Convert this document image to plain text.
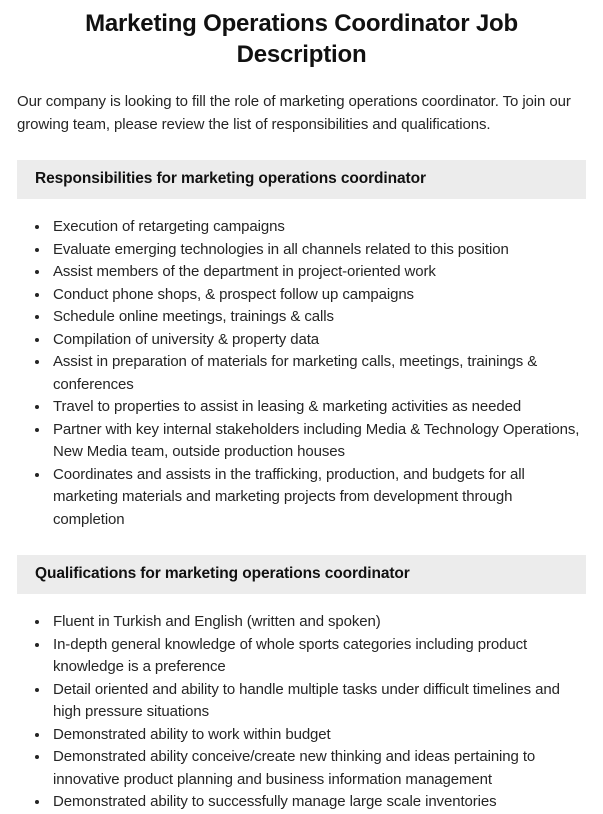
Marketing Operations Coordinator Job Description

Our company is looking to fill the role of marketing operations coordinator. To join our growing team, please review the list of responsibilities and qualifications.

Responsibilities for marketing operations coordinator
• Execution of retargeting campaigns
• Evaluate emerging technologies in all channels related to this position
• Assist members of the department in project-oriented work
• Conduct phone shops, & prospect follow up campaigns
• Schedule online meetings, trainings & calls
• Compilation of university & property data
• Assist in preparation of materials for marketing calls, meetings, trainings & conferences
• Travel to properties to assist in leasing & marketing activities as needed
• Partner with key internal stakeholders including Media & Technology Operations, New Media team, outside production houses
• Coordinates and assists in the trafficking, production, and budgets for all marketing materials and marketing projects from development through completion
Qualifications for marketing operations coordinator
• Fluent in Turkish and English (written and spoken)
• In-depth general knowledge of whole sports categories including product knowledge is a preference
• Detail oriented and ability to handle multiple tasks under difficult timelines and high pressure situations
• Demonstrated ability to work within budget
• Demonstrated ability conceive/create new thinking and ideas pertaining to innovative product planning and business information management
• Demonstrated ability to successfully manage large scale inventories
